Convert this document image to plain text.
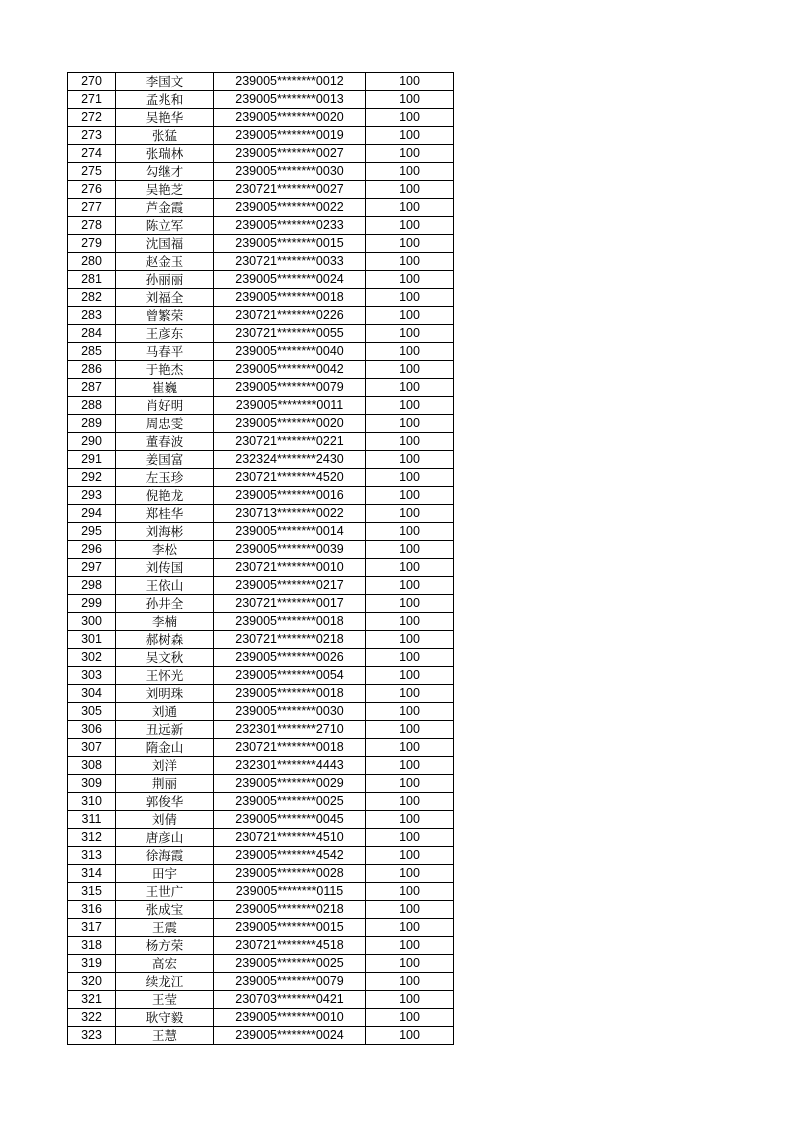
270	李国文	239005********0012	100
271	孟兆和	239005********0013	100
272	吴艳华	239005********0020	100
273	张猛	239005********0019	100
274	张瑞林	239005********0027	100
275	勾继才	239005********0030	100
276	吴艳芝	230721********0027	100
277	芦金霞	239005********0022	100
278	陈立军	239005********0233	100
279	沈国福	239005********0015	100
280	赵金玉	230721********0033	100
281	孙丽丽	239005********0024	100
282	刘福全	239005********0018	100
283	曾繁荣	230721********0226	100
284	王彦东	230721********0055	100
285	马春平	239005********0040	100
286	于艳杰	239005********0042	100
287	崔巍	239005********0079	100
288	肖好明	239005********0011	100
289	周忠雯	239005********0020	100
290	董春波	230721********0221	100
291	姜国富	232324********2430	100
292	左玉珍	230721********4520	100
293	倪艳龙	239005********0016	100
294	郑桂华	230713********0022	100
295	刘海彬	239005********0014	100
296	李松	239005********0039	100
297	刘传国	230721********0010	100
298	王依山	239005********0217	100
299	孙井全	230721********0017	100
300	李楠	239005********0018	100
301	郝树森	230721********0218	100
302	吴文秋	239005********0026	100
303	王怀光	239005********0054	100
304	刘明珠	239005********0018	100
305	刘通	239005********0030	100
306	丑远新	232301********2710	100
307	隋金山	230721********0018	100
308	刘洋	232301********4443	100
309	荆丽	239005********0029	100
310	郭俊华	239005********0025	100
311	刘倩	239005********0045	100
312	唐彦山	230721********4510	100
313	徐海霞	239005********4542	100
314	田宇	239005********0028	100
315	王世广	239005********0115	100
316	张成宝	239005********0218	100
317	王震	239005********0015	100
318	杨方荣	230721********4518	100
319	高宏	239005********0025	100
320	续龙江	239005********0079	100
321	王莹	230703********0421	100
322	耿守毅	239005********0010	100
323	王慧	239005********0024	100
